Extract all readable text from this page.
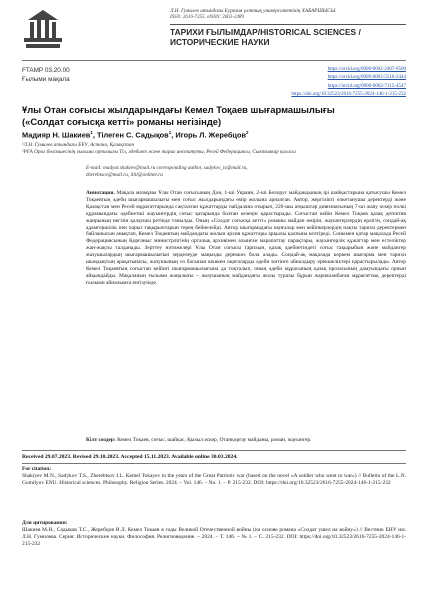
Л.Н. Гумилев атындағы Еуразия ұлттық университетінің ХАБАРШЫСЫ.
ISSN: 2616-7255. eISSN: 2663-2489
ТАРИХИ ҒЫЛЫМДАР/HISTORICAL SCIENCES /
ИСТОРИЧЕСКИЕ НАУКИ
FTAMP 03.20.00
Ғылыми мақала
https://orcid.org/0000-0002-2407-0500
https://orcid.org/0009-0003-5510-2444
https://orcid.org/0000-0002-7115-4547
https://doi.org/10.32523/2616-7255-2024-146-1-215-232
Ұлы Отан соғысы жылдарындағы Кемел Тоқаев шығармашылығы
(«Солдат соғысқа кетті» романы негізінде)
Мадияр Н. Шакиев$^1$, Тілеген С. Садықов$^1$, Игорь Л. Жеребцов$^2$
¹Л.Н. Гумилев атындағы ЕҰУ, Астана, Қазақстан
²РҒА Орал бөлімшесінің ғылыми орталығы Тіл, әдебиет және тарих институты, Ресей Федерациясы, Сыктывкар қаласы
E-mail: madyar.shakiev@mail.ru corresponding author, sadykov_ts@mail.ru,
zherebtsov@mail.ru, illil@onlinet.ru
Аннотация. Мақала мазмұны Ұлы Отан соғысының Дон, 1-ші Украин, 2-ші Белорус майдандының ірі шайқастарына қатысушы Кемел Тоқаевтың әдеби шығармашылығы мен соғыс жылдарындағы өмір жолына арналған. Автор, жергілікті өлкетанушы деректерді және Қазақстан мен Ресей мұрағаттарында сақталған құжаттарды пайдалана отырып, 226-шы атқыштар дивизиясының 7-ші жаяу әскер полкі құрамындағы әдебиетші жауынгердің соғыс қатарында болған кезеңін қарастырады. Соғыстан кейін Кемел Тоқаев қазақ детектив жанрының негізін қалаушы ретінде танылды. Оның «Солдат соғысқа кетті» романы майдан өмірін, жауынгерлердің ерлігін, сондай-ақ адамгершілік пен парыз тақырыптарын терең бейнелейді. Автор шығармадағы оқиғалар мен кейіпкерлердің нақты тарихи деректермен байланысын анықтап, Кемел Тоқаевтың майдандағы жолын архив құжаттары арқылы қалпына келтіреді. Сонымен қатар мақалада Ресей Федерациясының Қорғаныс министрлігінің орталық архивінен алынған марапаттау парақтары, жауынгерлік құжаттар мен естеліктер жан-жақты талданады. Зерттеу нәтижелері Ұлы Отан соғысы тарихын, қазақ әдебиетіндегі соғыс тақырыбын және майдангер жазушылардың шығармашылығын зерделеуде маңызды дереккөз бола алады. Сондай-ақ мақалада көркем шығарма мен тарихи шындықтың арақатынасы, жазушының өз басынан кешкен оқиғаларды әдеби мәтінге айналдыру ерекшеліктері қарастырылады. Автор Кемел Тоқаевтың соғыстан кейінгі шығармашылығына да тоқталып, оның әдеби мұрасының қазақ прозасының дамуындағы орнын айқындайды. Мақаланың ғылыми жаңалығы – жазушының майдандағы жолы туралы бұрын жарияланбаған мұрағаттық деректерді ғылыми айналымға енгізуінде.
Кілт сөздер: Кемел Тоқаев, соғыс, шайқас, Қызыл әскер, Отанқорғау майданы, роман, жауынгер.
Received 29.07.2023. Revised 29.10.2023. Accepted 15.11.2023. Available online 30.03.2024.
For citation:
Shakiyev M.N., Sadykov T.S., Zherebtsov I.L. Kemel Tokayev in the years of the Great Patriotic war (based on the novel «A soldier who went to war») // Bulletin of the L.N. Gumilyov ENU. Historical sciences. Philosophy. Religion Series. 2024. – Vol. 146. – No. 1. – P. 215-232. DOI: https://doi.org/10.32523/2616-7255-2024-146-1-215-232
Для цитирования:
Шакиев М.Н., Садыков Т.С., Жеребцов И.Л. Кемел Токаев в годы Великой Отечественной войны (на основе романа «Солдат ушел на войну») // Вестник ЕНУ им. Л.Н. Гумилева. Серия: Исторические науки. Философия. Религиоведение. – 2024. – Т. 146. – № 1. – С. 215-232. DOI: https://doi.org/10.32523/2616-7255-2024-146-1-215-232
